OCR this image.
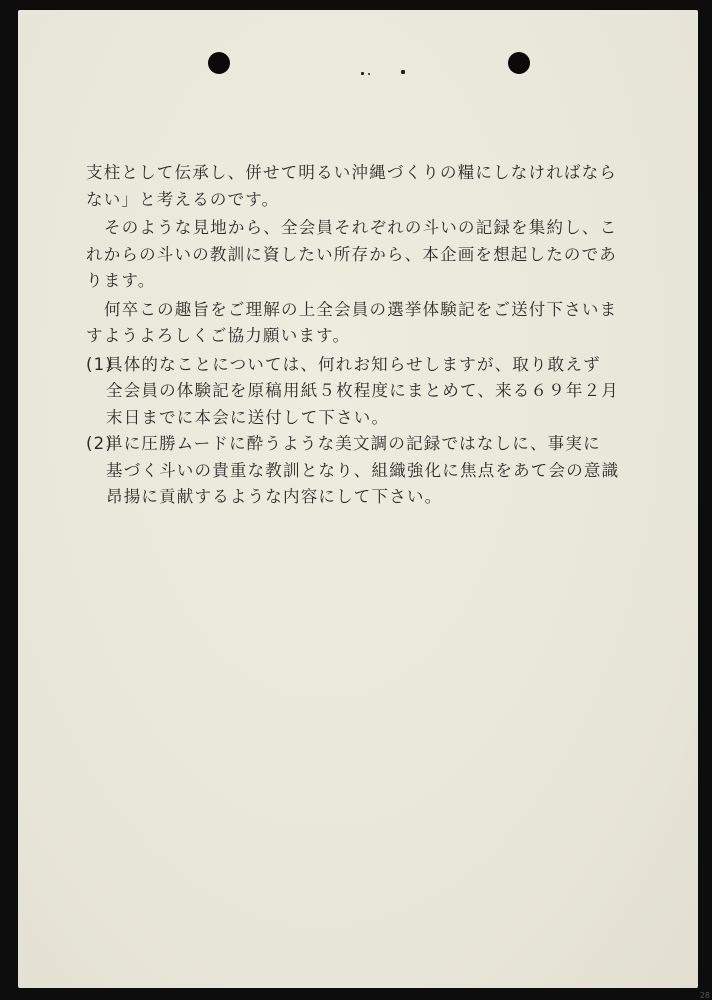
支柱として伝承し、併せて明るい沖縄づくりの糧にしなければなら
ない」と考えるのです。
そのような見地から、全会員それぞれの斗いの記録を集約し、こ
れからの斗いの教訓に資したい所存から、本企画を想起したのであ
ります。
何卒この趣旨をご理解の上全会員の選挙体験記をご送付下さいま
すようよろしくご協力願います。
(1)
具体的なことについては、何れお知らせしますが、取り敢えず
全会員の体験記を原稿用紙５枚程度にまとめて、来る６９年２月
末日までに本会に送付して下さい。
(2)
単に圧勝ムードに酔うような美文調の記録ではなしに、事実に
基づく斗いの貴重な教訓となり、組織強化に焦点をあて会の意識
昂揚に貢献するような内容にして下さい。
28
